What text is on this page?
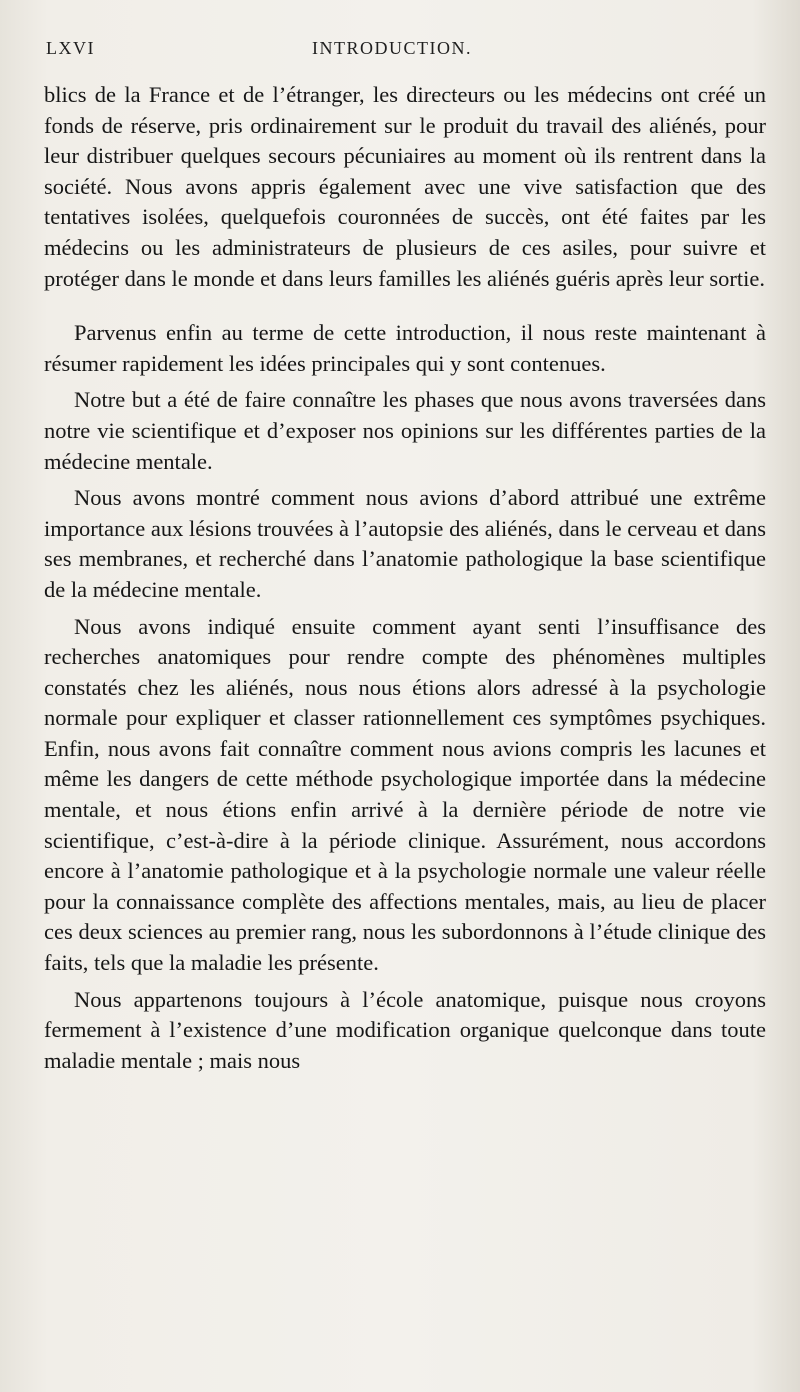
LXVI	INTRODUCTION.

blics de la France et de l’étranger, les directeurs ou les médecins ont créé un fonds de réserve, pris ordinairement sur le produit du travail des aliénés, pour leur distribuer quelques secours pécuniaires au moment où ils rentrent dans la société. Nous avons appris également avec une vive satisfaction que des tentatives isolées, quelquefois couronnées de succès, ont été faites par les médecins ou les administrateurs de plusieurs de ces asiles, pour suivre et protéger dans le monde et dans leurs familles les aliénés guéris après leur sortie.

Parvenus enfin au terme de cette introduction, il nous reste maintenant à résumer rapidement les idées principales qui y sont contenues.

Notre but a été de faire connaître les phases que nous avons traversées dans notre vie scientifique et d’exposer nos opinions sur les différentes parties de la médecine mentale.

Nous avons montré comment nous avions d’abord attribué une extrême importance aux lésions trouvées à l’autopsie des aliénés, dans le cerveau et dans ses membranes, et recherché dans l’anatomie pathologique la base scientifique de la médecine mentale.

Nous avons indiqué ensuite comment ayant senti l’insuffisance des recherches anatomiques pour rendre compte des phénomènes multiples constatés chez les aliénés, nous nous étions alors adressé à la psychologie normale pour expliquer et classer rationnellement ces symptômes psychiques. Enfin, nous avons fait connaître comment nous avions compris les lacunes et même les dangers de cette méthode psychologique importée dans la médecine mentale, et nous étions enfin arrivé à la dernière période de notre vie scientifique, c’est-à-dire à la période clinique. Assurément, nous accordons encore à l’anatomie pathologique et à la psychologie normale une valeur réelle pour la connaissance complète des affections mentales, mais, au lieu de placer ces deux sciences au premier rang, nous les subordonnons à l’étude clinique des faits, tels que la maladie les présente.

Nous appartenons toujours à l’école anatomique, puisque nous croyons fermement à l’existence d’une modification organique quelconque dans toute maladie mentale ; mais nous
